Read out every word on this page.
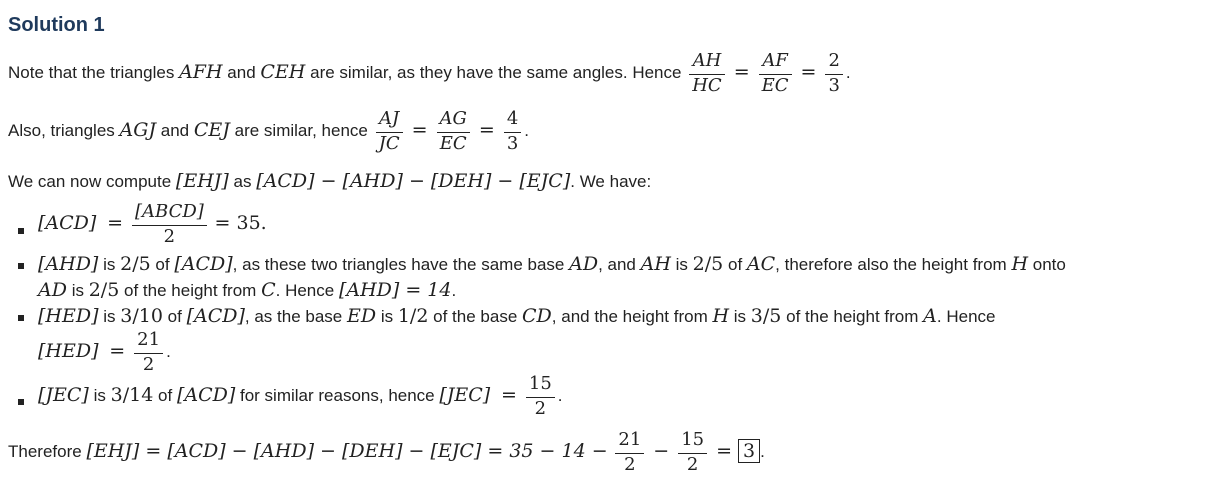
Solution 1
Note that the triangles AFH and CEH are similar, as they have the same angles. Hence $\frac{AH}{HC} = \frac{AF}{EC} = \frac{2}{3}$ .
Also, triangles AGJ and CEJ are similar, hence $\frac{AJ}{JC} = \frac{AG}{EC} = \frac{4}{3}$ .
We can now compute [EHJ] as [ACD] − [AHD] − [DEH] − [EJC]. We have:
$[ACD] = \frac{\text{[ABCD]}}{2} = 35$.
[AHD] is 2/5 of [ACD], as these two triangles have the same base AD, and AH is 2/5 of AC, therefore also the height from H onto
AD is 2/5 of the height from C. Hence [AHD] = 14.
[HED] is 3/10 of [ACD], as the base ED is 1/2 of the base CD, and the height from H is 3/5 of the height from A. Hence
$[HED] = \frac{21}{2}$ .
[JEC] is 3/14 of [ACD] for similar reasons, hence $[JEC] = \frac{15}{2}$ .
Therefore $[EHJ] = [ACD] - [AHD] - [DEH] - [EJC] = 35 - 14 - \frac{21}{2} - \frac{15}{2} = 3$ .
